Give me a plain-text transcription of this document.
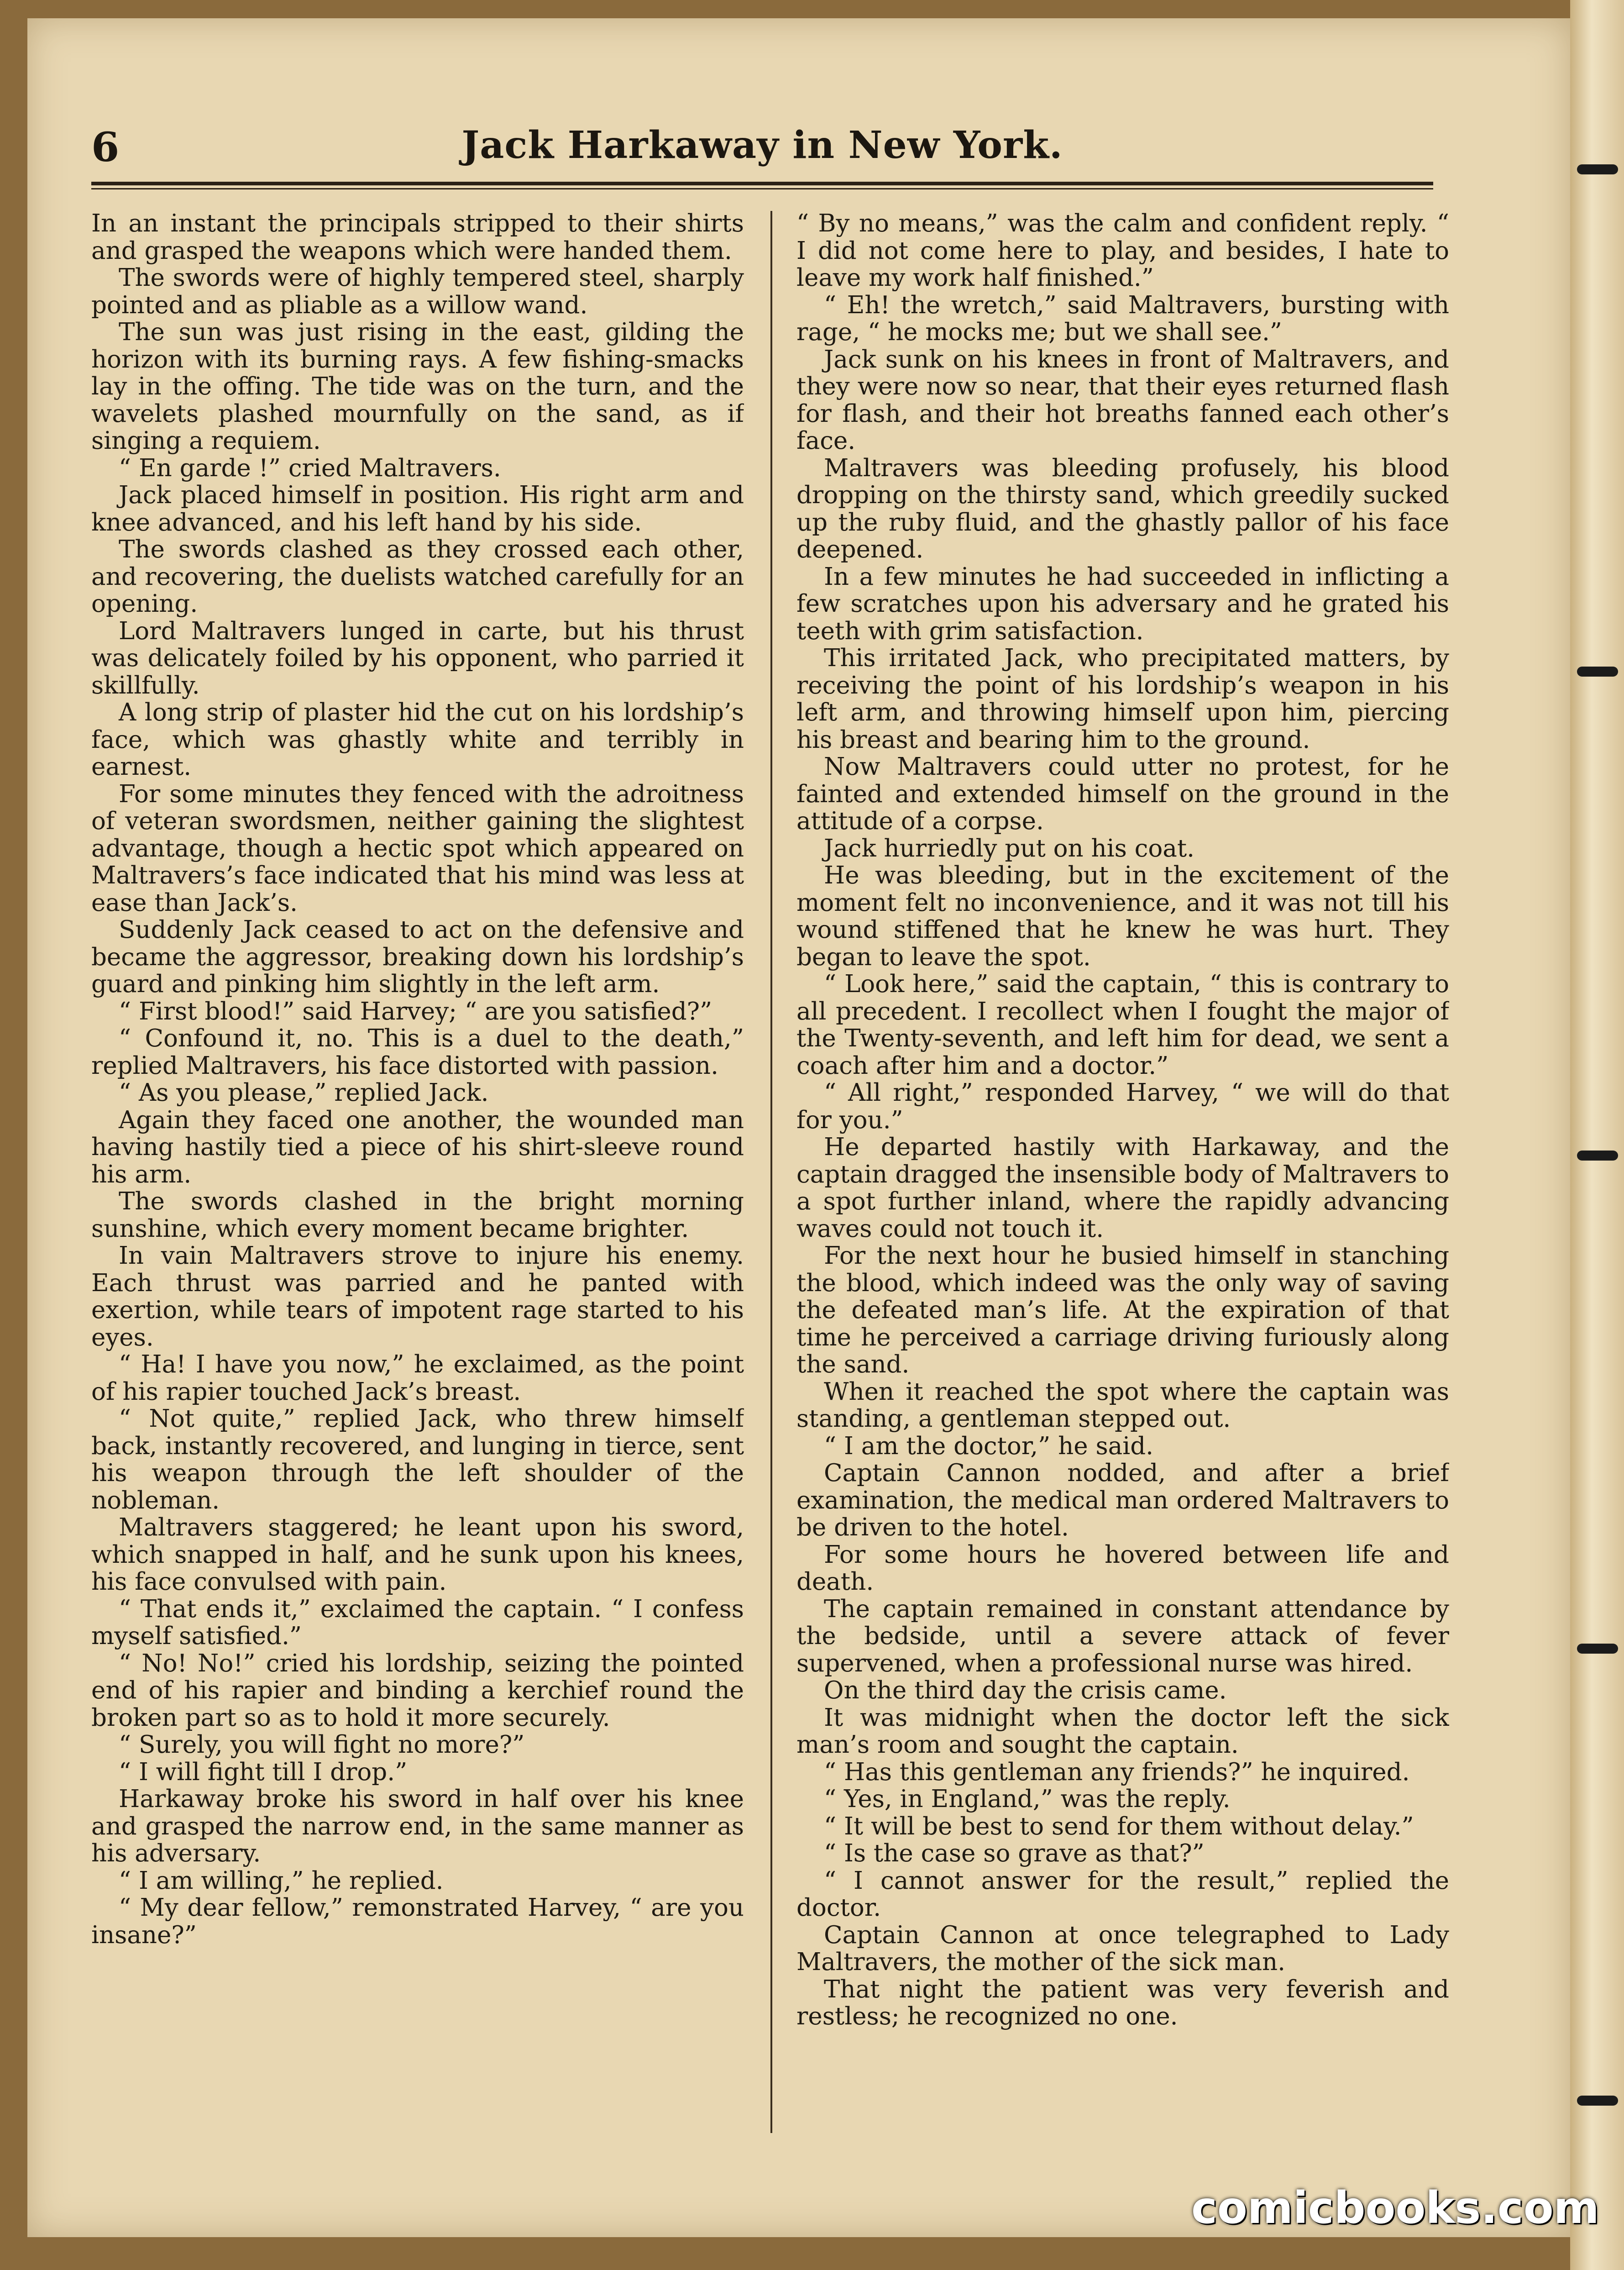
6	Jack Harkaway in New York.

In an instant the principals stripped to their shirts and grasped the weapons which were handed them.

The swords were of highly tempered steel, sharply pointed and as pliable as a willow wand.

The sun was just rising in the east, gilding the horizon with its burning rays. A few fishing-smacks lay in the offing. The tide was on the turn, and the wavelets plashed mournfully on the sand, as if singing a requiem.

“ En garde !” cried Maltravers.

Jack placed himself in position. His right arm and knee advanced, and his left hand by his side.

The swords clashed as they crossed each other, and recovering, the duelists watched carefully for an opening.

Lord Maltravers lunged in carte, but his thrust was delicately foiled by his opponent, who parried it skillfully.

A long strip of plaster hid the cut on his lordship’s face, which was ghastly white and terribly in earnest.

For some minutes they fenced with the adroitness of veteran swordsmen, neither gaining the slightest advantage, though a hectic spot which appeared on Maltravers’s face indicated that his mind was less at ease than Jack’s.

Suddenly Jack ceased to act on the defensive and became the aggressor, breaking down his lordship’s guard and pinking him slightly in the left arm.

“ First blood!” said Harvey; “ are you satisfied?”

“ Confound it, no. This is a duel to the death,” replied Maltravers, his face distorted with passion.

“ As you please,” replied Jack.

Again they faced one another, the wounded man having hastily tied a piece of his shirt-sleeve round his arm.

The swords clashed in the bright morning sunshine, which every moment became brighter.

In vain Maltravers strove to injure his enemy. Each thrust was parried and he panted with exertion, while tears of impotent rage started to his eyes.

“ Ha! I have you now,” he exclaimed, as the point of his rapier touched Jack’s breast.

“ Not quite,” replied Jack, who threw himself back, instantly recovered, and lunging in tierce, sent his weapon through the left shoulder of the nobleman.

Maltravers staggered; he leant upon his sword, which snapped in half, and he sunk upon his knees, his face convulsed with pain.

“ That ends it,” exclaimed the captain. “ I confess myself satisfied.”

“ No! No!” cried his lordship, seizing the pointed end of his rapier and binding a kerchief round the broken part so as to hold it more securely.

“ Surely, you will fight no more?”

“ I will fight till I drop.”

Harkaway broke his sword in half over his knee and grasped the narrow end, in the same manner as his adversary.

“ I am willing,” he replied.

“ My dear fellow,” remonstrated Harvey, “ are you insane?”

“ By no means,” was the calm and confident reply. “ I did not come here to play, and besides, I hate to leave my work half finished.”

“ Eh! the wretch,” said Maltravers, bursting with rage, “ he mocks me; but we shall see.”

Jack sunk on his knees in front of Maltravers, and they were now so near, that their eyes returned flash for flash, and their hot breaths fanned each other’s face.

Maltravers was bleeding profusely, his blood dropping on the thirsty sand, which greedily sucked up the ruby fluid, and the ghastly pallor of his face deepened.

In a few minutes he had succeeded in inflicting a few scratches upon his adversary and he grated his teeth with grim satisfaction.

This irritated Jack, who precipitated matters, by receiving the point of his lordship’s weapon in his left arm, and throwing himself upon him, piercing his breast and bearing him to the ground.

Now Maltravers could utter no protest, for he fainted and extended himself on the ground in the attitude of a corpse.

Jack hurriedly put on his coat.

He was bleeding, but in the excitement of the moment felt no inconvenience, and it was not till his wound stiffened that he knew he was hurt. They began to leave the spot.

“ Look here,” said the captain, “ this is contrary to all precedent. I recollect when I fought the major of the Twenty-seventh, and left him for dead, we sent a coach after him and a doctor.”

“ All right,” responded Harvey, “ we will do that for you.”

He departed hastily with Harkaway, and the captain dragged the insensible body of Maltravers to a spot further inland, where the rapidly advancing waves could not touch it.

For the next hour he busied himself in stanching the blood, which indeed was the only way of saving the defeated man’s life. At the expiration of that time he perceived a carriage driving furiously along the sand.

When it reached the spot where the captain was standing, a gentleman stepped out.

“ I am the doctor,” he said.

Captain Cannon nodded, and after a brief examination, the medical man ordered Maltravers to be driven to the hotel.

For some hours he hovered between life and death.

The captain remained in constant attendance by the bedside, until a severe attack of fever supervened, when a professional nurse was hired.

On the third day the crisis came.

It was midnight when the doctor left the sick man’s room and sought the captain.

“ Has this gentleman any friends?” he inquired.

“ Yes, in England,” was the reply.

“ It will be best to send for them without delay.”

“ Is the case so grave as that?”

“ I cannot answer for the result,” replied the doctor.

Captain Cannon at once telegraphed to Lady Maltravers, the mother of the sick man.

That night the patient was very feverish and restless; he recognized no one.

comicbooks.com
